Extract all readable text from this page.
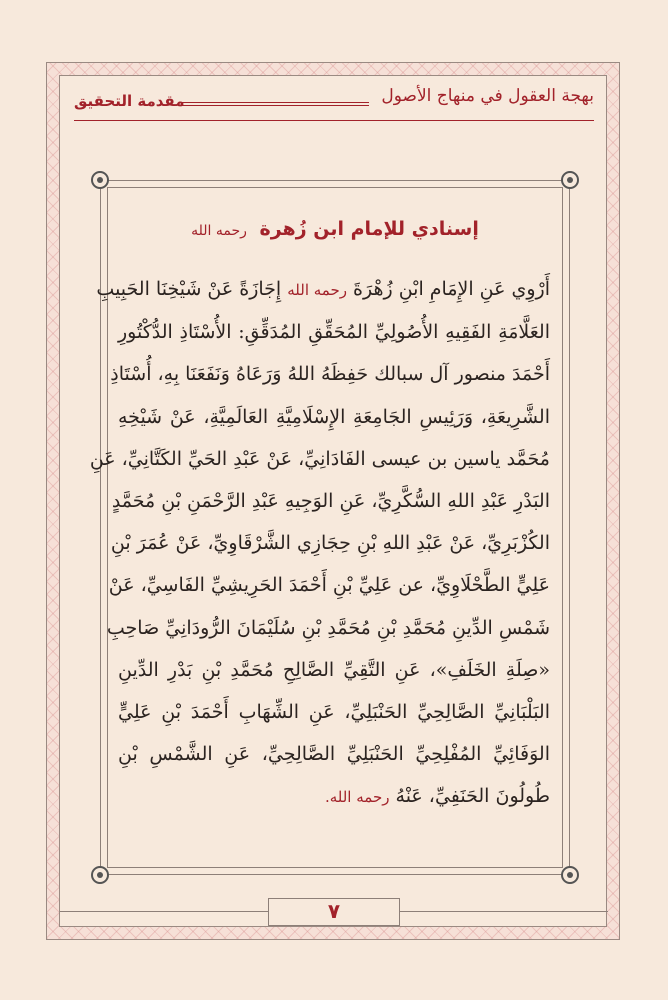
بهجة العقول في منهاج الأصول
مقدمة التحقيق
إسنادي للإمام ابن زُهرة رحمه الله
أَرْوِي عَنِ الإِمَامِ ابْنِ زُهْرَةَ رحمه الله إِجَازَةً عَنْ شَيْخِنَا الحَبِيبِ
العَلَّامَةِ الفَقِيهِ الأُصُولِيِّ المُحَقِّقِ المُدَقِّقِ: الأُسْتَاذِ الدُّكْتُورِ
أَحْمَدَ منصور آل سبالك حَفِظَهُ اللهُ وَرَعَاهُ وَنَفَعَنَا بِهِ، أُسْتَاذِ
الشَّرِيعَةِ، وَرَئِيسِ الجَامِعَةِ الإِسْلَامِيَّةِ العَالَمِيَّةِ، عَنْ شَيْخِهِ
مُحَمَّد ياسين بن عيسى الفَادَانِيِّ، عَنْ عَبْدِ الحَيِّ الكَتَّانِيِّ، عَنِ
البَدْرِ عَبْدِ اللهِ السُّكَّرِيِّ، عَنِ الوَجِيهِ عَبْدِ الرَّحْمَنِ بْنِ مُحَمَّدٍ
الكُزْبَرِيِّ، عَنْ عَبْدِ اللهِ بْنِ حِجَازِي الشَّرْقَاوِيِّ، عَنْ عُمَرَ بْنِ
عَلِيٍّ الطَّحْلَاوِيِّ، عن عَلِيِّ بْنِ أَحْمَدَ الحَرِيشِيِّ الفَاسِيِّ، عَنْ
شَمْسِ الدِّينِ مُحَمَّدِ بْنِ مُحَمَّدِ بْنِ سُلَيْمَانَ الرُّودَانِيِّ صَاحِبِ
«صِلَةِ الخَلَفِ»، عَنِ التَّقِيِّ الصَّالِحِ مُحَمَّدِ بْنِ بَدْرِ الدِّينِ
البَلْبَانِيِّ الصَّالِحِيِّ الحَنْبَلِيِّ، عَنِ الشِّهَابِ أَحْمَدَ بْنِ عَلِيٍّ
الوَفَائِيِّ المُفْلِحِيِّ الحَنْبَلِيِّ الصَّالِحِيِّ، عَنِ الشَّمْسِ بْنِ
طُولُونَ الحَنَفِيِّ، عَنْهُ رحمه الله.
٧
